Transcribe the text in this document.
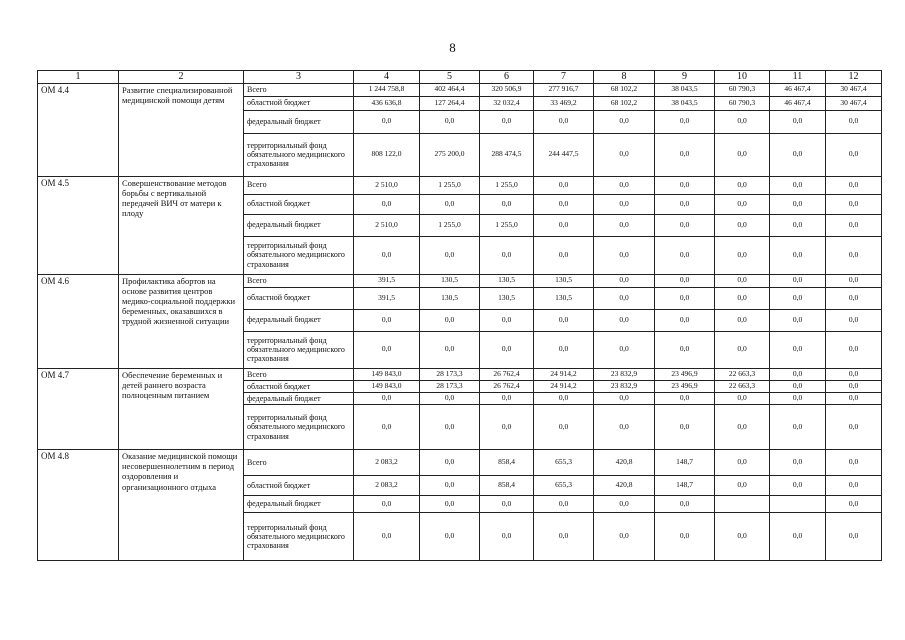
8
1	2	3	4	5	6	7	8	9	10	11	12
ОМ 4.4	Развитие специализированной медицинской помощи детям	Всего	1 244 758,8	402 464,4	320 506,9	277 916,7	68 102,2	38 043,5	60 790,3	46 467,4	30 467,4
		областной бюджет	436 636,8	127 264,4	32 032,4	33 469,2	68 102,2	38 043,5	60 790,3	46 467,4	30 467,4
		федеральный бюджет	0,0	0,0	0,0	0,0	0,0	0,0	0,0	0,0	0,0
		территориальный фонд обязательного медицинского страхования	808 122,0	275 200,0	288 474,5	244 447,5	0,0	0,0	0,0	0,0	0,0
ОМ 4.5	Совершенствование методов борьбы с вертикальной передачей ВИЧ от матери к плоду	Всего	2 510,0	1 255,0	1 255,0	0,0	0,0	0,0	0,0	0,0	0,0
		областной бюджет	0,0	0,0	0,0	0,0	0,0	0,0	0,0	0,0	0,0
		федеральный бюджет	2 510,0	1 255,0	1 255,0	0,0	0,0	0,0	0,0	0,0	0,0
		территориальный фонд обязательного медицинского страхования	0,0	0,0	0,0	0,0	0,0	0,0	0,0	0,0	0,0
ОМ 4.6	Профилактика абортов на основе развития центров медико-социальной поддержки беременных, оказавшихся в трудной жизненной ситуации	Всего	391,5	130,5	130,5	130,5	0,0	0,0	0,0	0,0	0,0
		областной бюджет	391,5	130,5	130,5	130,5	0,0	0,0	0,0	0,0	0,0
		федеральный бюджет	0,0	0,0	0,0	0,0	0,0	0,0	0,0	0,0	0,0
		территориальный фонд обязательного медицинского страхования	0,0	0,0	0,0	0,0	0,0	0,0	0,0	0,0	0,0
ОМ 4.7	Обеспечение беременных и детей раннего возраста полноценным питанием	Всего	149 843,0	28 173,3	26 762,4	24 914,2	23 832,9	23 496,9	22 663,3	0,0	0,0
		областной бюджет	149 843,0	28 173,3	26 762,4	24 914,2	23 832,9	23 496,9	22 663,3	0,0	0,0
		федеральный бюджет	0,0	0,0	0,0	0,0	0,0	0,0	0,0	0,0	0,0
		территориальный фонд обязательного медицинского страхования	0,0	0,0	0,0	0,0	0,0	0,0	0,0	0,0	0,0
ОМ 4.8	Оказание медицинской помощи несовершеннолетним в период оздоровления и организационного отдыха	Всего	2 083,2	0,0	858,4	655,3	420,8	148,7	0,0	0,0	0,0
		областной бюджет	2 083,2	0,0	858,4	655,3	420,8	148,7	0,0	0,0	0,0
		федеральный бюджет	0,0	0,0	0,0	0,0	0,0	0,0			0,0
		территориальный фонд обязательного медицинского страхования	0,0	0,0	0,0	0,0	0,0	0,0	0,0	0,0	0,0
